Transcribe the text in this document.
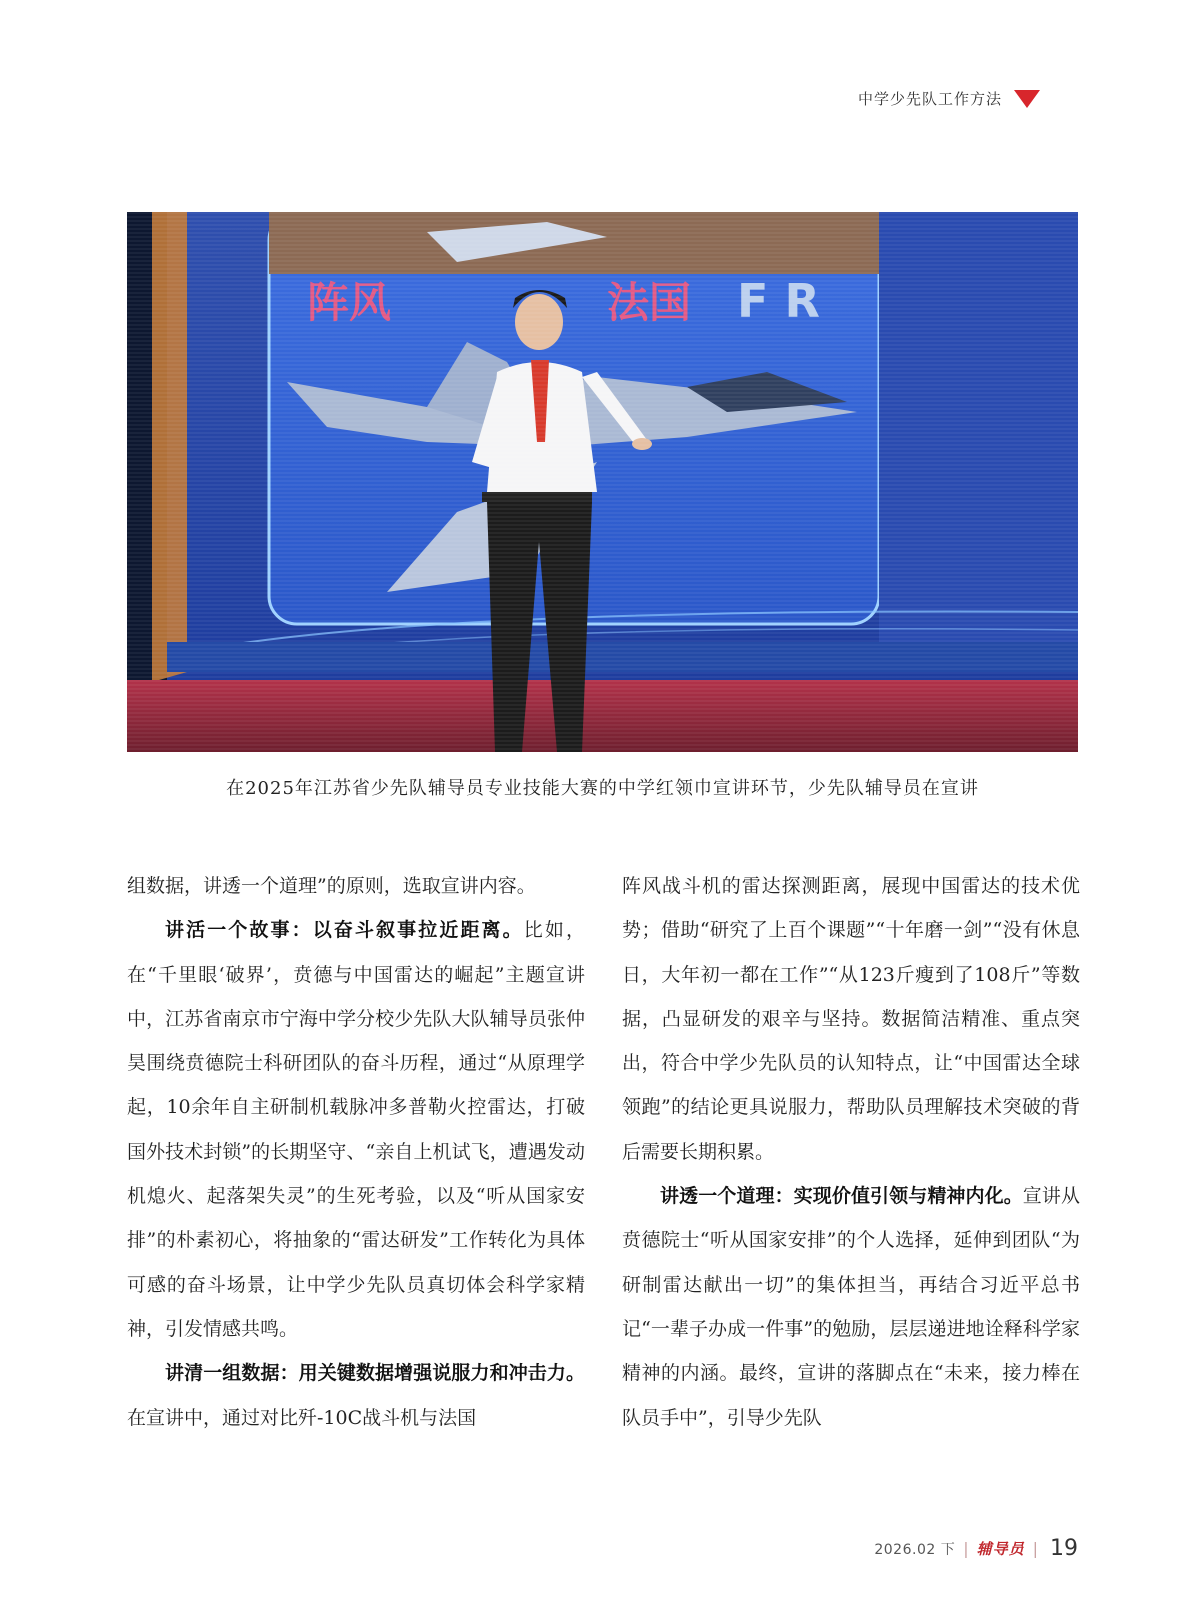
中学少先队工作方法
在2025年江苏省少先队辅导员专业技能大赛的中学红领巾宣讲环节，少先队辅导员在宣讲

组数据，讲透一个道理”的原则，选取宣讲内容。

讲活一个故事：以奋斗叙事拉近距离。比如，在“千里眼‘破界’，贲德与中国雷达的崛起”主题宣讲中，江苏省南京市宁海中学分校少先队大队辅导员张仲昊围绕贲德院士科研团队的奋斗历程，通过“从原理学起，10余年自主研制机载脉冲多普勒火控雷达，打破国外技术封锁”的长期坚守、“亲自上机试飞，遭遇发动机熄火、起落架失灵”的生死考验，以及“听从国家安排”的朴素初心，将抽象的“雷达研发”工作转化为具体可感的奋斗场景，让中学少先队员真切体会科学家精神，引发情感共鸣。

讲清一组数据：用关键数据增强说服力和冲击力。在宣讲中，通过对比歼-10C战斗机与法国

阵风战斗机的雷达探测距离，展现中国雷达的技术优势；借助“研究了上百个课题”“十年磨一剑”“没有休息日，大年初一都在工作”“从123斤瘦到了108斤”等数据，凸显研发的艰辛与坚持。数据简洁精准、重点突出，符合中学少先队员的认知特点，让“中国雷达全球领跑”的结论更具说服力，帮助队员理解技术突破的背后需要长期积累。

讲透一个道理：实现价值引领与精神内化。宣讲从贲德院士“听从国家安排”的个人选择，延伸到团队“为研制雷达献出一切”的集体担当，再结合习近平总书记“一辈子办成一件事”的勉励，层层递进地诠释科学家精神的内涵。最终，宣讲的落脚点在“未来，接力棒在队员手中”，引导少先队

2026.02 下 | 辅导员 | 19
